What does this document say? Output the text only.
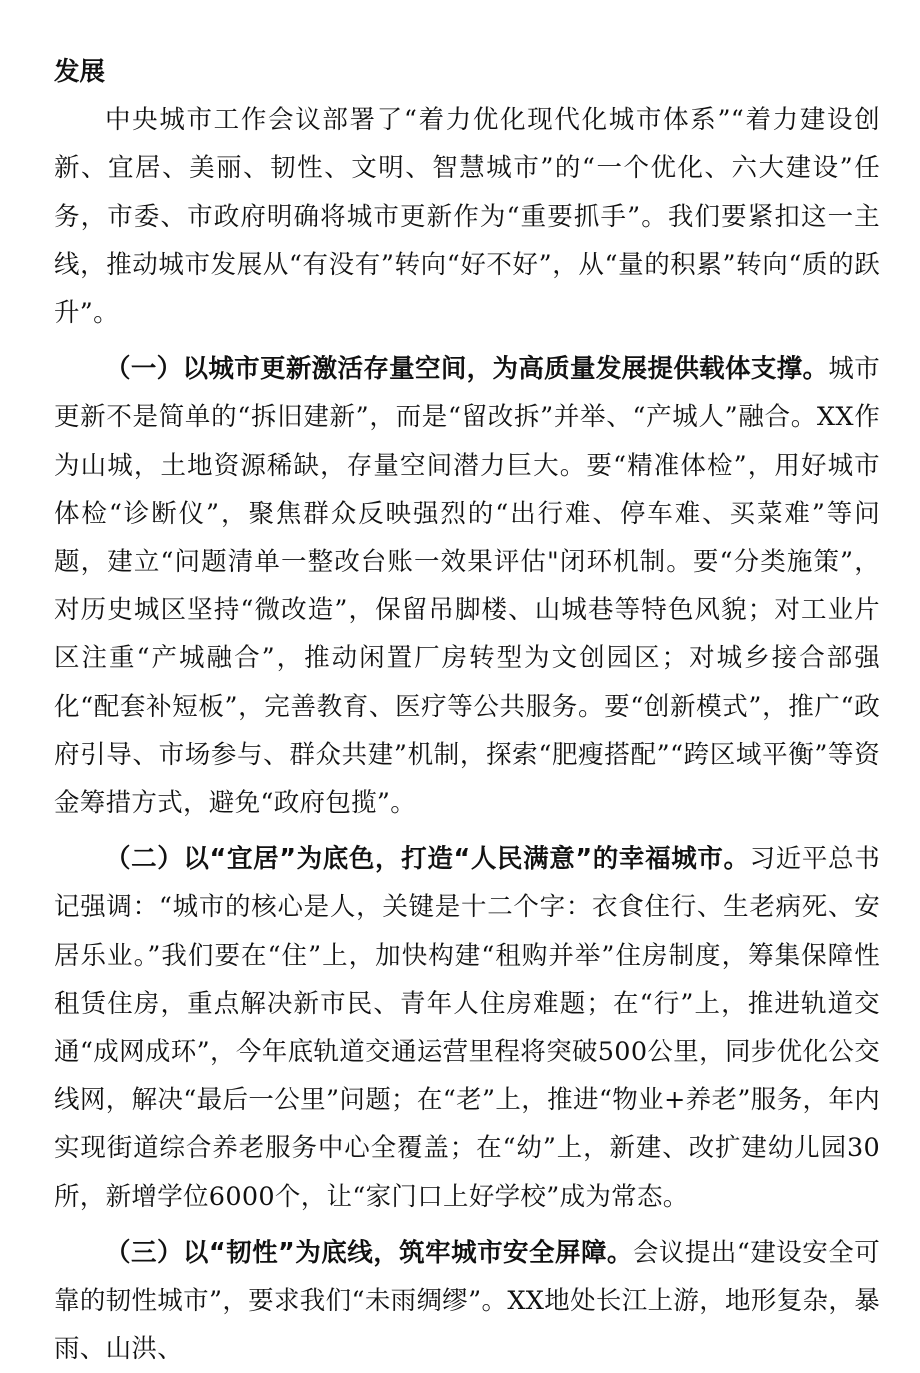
发展

中央城市工作会议部署了“着力优化现代化城市体系”“着力建设创新、宜居、美丽、韧性、文明、智慧城市”的“一个优化、六大建设”任务，市委、市政府明确将城市更新作为“重要抓手”。我们要紧扣这一主线，推动城市发展从“有没有”转向“好不好”，从“量的积累”转向“质的跃升”。

（一）以城市更新激活存量空间，为高质量发展提供载体支撑。城市更新不是简单的“拆旧建新”，而是“留改拆”并举、“产城人”融合。XX作为山城，土地资源稀缺，存量空间潜力巨大。要“精准体检”，用好城市体检“诊断仪”，聚焦群众反映强烈的“出行难、停车难、买菜难”等问题，建立“问题清单一整改台账一效果评估"闭环机制。要“分类施策”，对历史城区坚持“微改造”，保留吊脚楼、山城巷等特色风貌；对工业片区注重“产城融合”，推动闲置厂房转型为文创园区；对城乡接合部强化“配套补短板”，完善教育、医疗等公共服务。要“创新模式”，推广“政府引导、市场参与、群众共建”机制，探索“肥瘦搭配”“跨区域平衡”等资金筹措方式，避免“政府包揽”。

（二）以“宜居”为底色，打造“人民满意”的幸福城市。习近平总书记强调：“城市的核心是人，关键是十二个字：衣食住行、生老病死、安居乐业。”我们要在“住”上，加快构建“租购并举”住房制度，筹集保障性租赁住房，重点解决新市民、青年人住房难题；在“行”上，推进轨道交通“成网成环”，今年底轨道交通运营里程将突破500公里，同步优化公交线网，解决“最后一公里”问题；在“老”上，推进“物业+养老”服务，年内实现街道综合养老服务中心全覆盖；在“幼”上，新建、改扩建幼儿园30所，新增学位6000个，让“家门口上好学校”成为常态。

（三）以“韧性”为底线，筑牢城市安全屏障。会议提出“建设安全可靠的韧性城市”，要求我们“未雨绸缪”。XX地处长江上游，地形复杂，暴雨、山洪、
